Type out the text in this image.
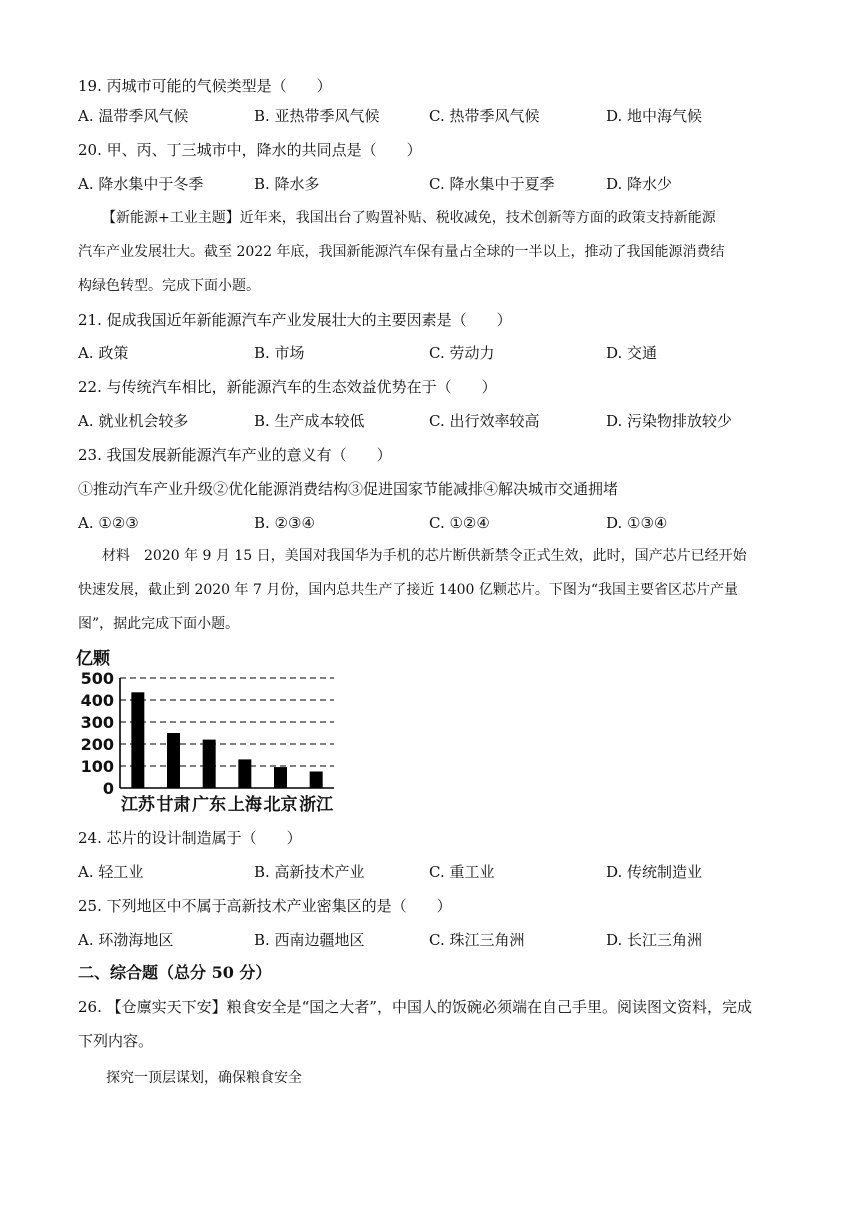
19. 丙城市可能的气候类型是（　　）
A. 温带季风气候	B. 亚热带季风气候	C. 热带季风气候	D. 地中海气候
20. 甲、丙、丁三城市中，降水的共同点是（　　）
A. 降水集中于冬季	B. 降水多	C. 降水集中于夏季	D. 降水少
【新能源+工业主题】近年来，我国出台了购置补贴、税收减免，技术创新等方面的政策支持新能源
汽车产业发展壮大。截至 2022 年底，我国新能源汽车保有量占全球的一半以上，推动了我国能源消费结
构绿色转型。完成下面小题。
21. 促成我国近年新能源汽车产业发展壮大的主要因素是（　　）
A. 政策	B. 市场	C. 劳动力	D. 交通
22. 与传统汽车相比，新能源汽车的生态效益优势在于（　　）
A. 就业机会较多	B. 生产成本较低	C. 出行效率较高	D. 污染物排放较少
23. 我国发展新能源汽车产业的意义有（　　）
①推动汽车产业升级②优化能源消费结构③促进国家节能减排④解决城市交通拥堵
A. ①②③	B. ②③④	C. ①②④	D. ①③④
材料　2020 年 9 月 15 日，美国对我国华为手机的芯片断供新禁令正式生效，此时，国产芯片已经开始
快速发展，截止到 2020 年 7 月份，国内总共生产了接近 1400 亿颗芯片。下图为“我国主要省区芯片产量
图”，据此完成下面小题。
亿颗
0
100
200
300
400
500
江苏 甘肃 广东 上海 北京 浙江
24. 芯片的设计制造属于（　　）
A. 轻工业	B. 高新技术产业	C. 重工业	D. 传统制造业
25. 下列地区中不属于高新技术产业密集区的是（　　）
A. 环渤海地区	B. 西南边疆地区	C. 珠江三角洲	D. 长江三角洲
二、综合题（总分 50 分）
26. 【仓廪实天下安】粮食安全是“国之大者”，中国人的饭碗必须端在自己手里。阅读图文资料，完成
下列内容。
探究一顶层谋划，确保粮食安全
